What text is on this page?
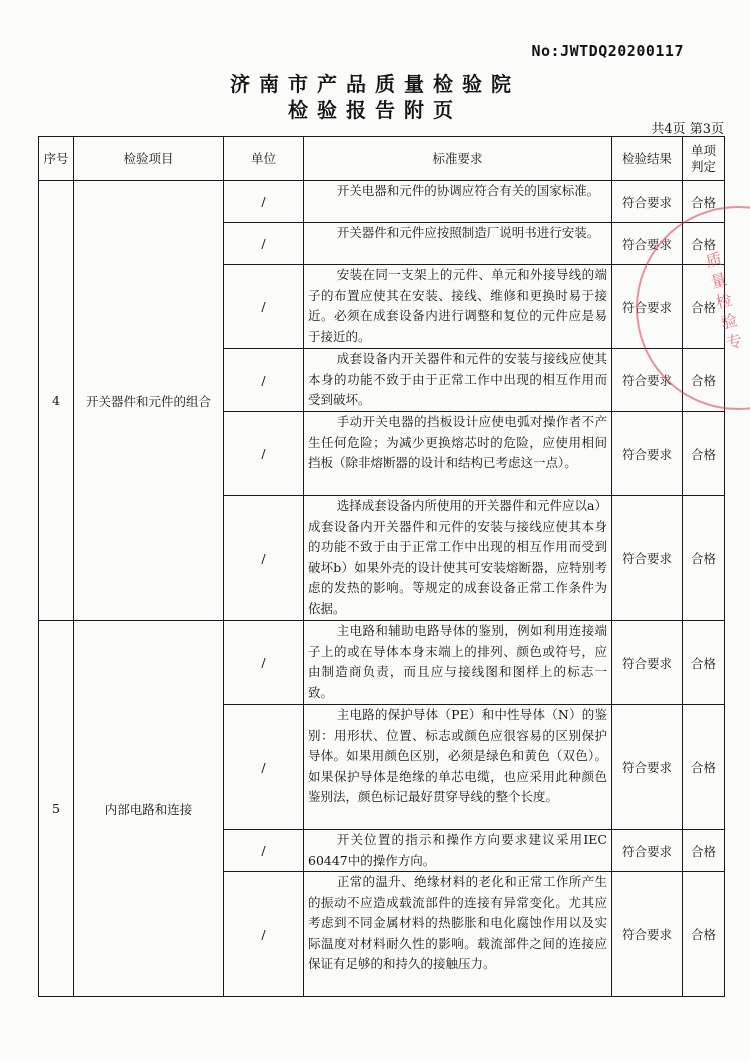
No:JWTDQ20200117
济南市产品质量检验院
检验报告附页
共4页 第3页
序号	检验项目	单位	标准要求	检验结果	单项判定
4	开关器件和元件的组合	/	开关电器和元件的协调应符合有关的国家标准。	符合要求	合格
		/	开关器件和元件应按照制造厂说明书进行安装。	符合要求	合格
		/	安装在同一支架上的元件、单元和外接导线的端子的布置应使其在安装、接线、维修和更换时易于接近。必须在成套设备内进行调整和复位的元件应是易于接近的。	符合要求	合格
		/	成套设备内开关器件和元件的安装与接线应使其本身的功能不致于由于正常工作中出现的相互作用而受到破坏。	符合要求	合格
		/	手动开关电器的挡板设计应使电弧对操作者不产生任何危险；为减少更换熔芯时的危险，应使用相间挡板（除非熔断器的设计和结构已考虑这一点）。	符合要求	合格
		/	选择成套设备内所使用的开关器件和元件应以a）成套设备内开关器件和元件的安装与接线应使其本身的功能不致于由于正常工作中出现的相互作用而受到破坏b）如果外壳的设计使其可安装熔断器，应特别考虑的发热的影响。等规定的成套设备正常工作条件为依据。	符合要求	合格
5	内部电路和连接	/	主电路和辅助电路导体的鉴别，例如利用连接端子上的或在导体本身末端上的排列、颜色或符号，应由制造商负责，而且应与接线图和图样上的标志一致。	符合要求	合格
		/	主电路的保护导体（PE）和中性导体（N）的鉴别：用形状、位置、标志或颜色应很容易的区别保护导体。如果用颜色区别，必须是绿色和黄色（双色）。如果保护导体是绝缘的单芯电缆，也应采用此种颜色鉴别法，颜色标记最好贯穿导线的整个长度。	符合要求	合格
		/	开关位置的指示和操作方向要求建议采用IEC 60447中的操作方向。	符合要求	合格
		/	正常的温升、绝缘材料的老化和正常工作所产生的振动不应造成载流部件的连接有异常变化。尤其应考虑到不同金属材料的热膨胀和电化腐蚀作用以及实际温度对材料耐久性的影响。载流部件之间的连接应保证有足够的和持久的接触压力。	符合要求	合格
质量检验专
